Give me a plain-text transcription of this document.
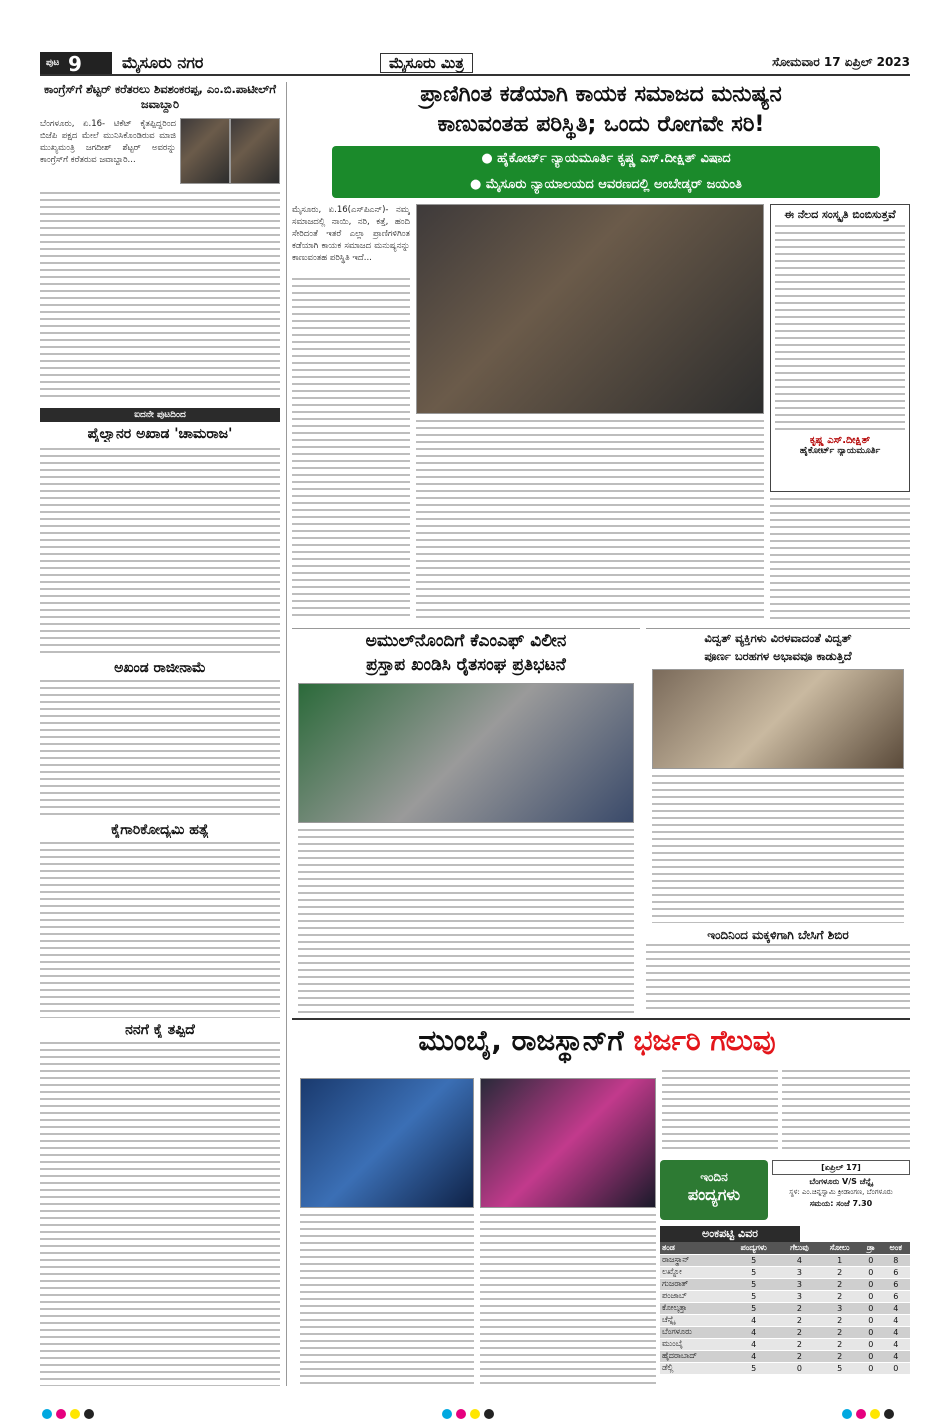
ಪುಟ 9	ಮೈಸೂರು ನಗರ	ಮೈಸೂರು ಮಿತ್ರ	ಸೋಮವಾರ 17 ಏಪ್ರಿಲ್ 2023
ಕಾಂಗ್ರೆಸ್‌ಗೆ ಶೆಟ್ಟರ್ ಕರೆತರಲು ಶಿವಶಂಕರಪ್ಪ, ಎಂ.ಬಿ.ಪಾಟೀಲ್‌ಗೆ ಜವಾಬ್ದಾರಿ
ಬೆಂಗಳೂರು, ಏ.16- ಟಿಕೆಟ್ ಕೈತಪ್ಪಿದ್ದರಿಂದ ಬಿಜೆಪಿ ಪಕ್ಷದ ಮೇಲೆ ಮುನಿಸಿಕೊಂಡಿರುವ ಮಾಜಿ ಮುಖ್ಯಮಂತ್ರಿ ಜಗದೀಶ್ ಶೆಟ್ಟರ್ ಅವರನ್ನು ಕಾಂಗ್ರೆಸ್‌ಗೆ ಕರೆತರುವ ಜವಾಬ್ದಾರಿ...
ಐದನೇ ಪುಟದಿಂದ
ಪೈಲ್ವಾನರ ಅಖಾಡ 'ಚಾಮರಾಜ'
ಅಖಂಡ ರಾಜೀನಾಮೆ
ಕೈಗಾರಿಕೋದ್ಯಮಿ ಹತ್ಯೆ
ನನಗೆ ಕೈ ತಪ್ಪಿದೆ
ಪ್ರಾಣಿಗಿಂತ ಕಡೆಯಾಗಿ ಕಾಯಕ ಸಮಾಜದ ಮನುಷ್ಯನ
ಕಾಣುವಂತಹ ಪರಿಸ್ಥಿತಿ; ಒಂದು ರೋಗವೇ ಸರಿ!
● ಹೈಕೋರ್ಟ್ ನ್ಯಾಯಮೂರ್ತಿ ಕೃಷ್ಣ ಎಸ್.ದೀಕ್ಷಿತ್ ವಿಷಾದ
● ಮೈಸೂರು ನ್ಯಾಯಾಲಯದ ಆವರಣದಲ್ಲಿ ಅಂಬೇಡ್ಕರ್ ಜಯಂತಿ
ಮೈಸೂರು, ಏ.16(ಎಸ್‌ಪಿಎನ್)- ನಮ್ಮ ಸಮಾಜದಲ್ಲಿ ನಾಯಿ, ನರಿ, ಕತ್ತೆ, ಹಂದಿ ಸೇರಿದಂತೆ ಇತರೆ ಎಲ್ಲಾ ಪ್ರಾಣಿಗಳಿಗಿಂತ ಕಡೆಯಾಗಿ ಕಾಯಕ ಸಮಾಜದ ಮನುಷ್ಯನನ್ನು ಕಾಣುವಂತಹ ಪರಿಸ್ಥಿತಿ ಇದೆ...
ಈ ನೆಲದ ಸಂಸ್ಕೃತಿ ಬಿಂಬಿಸುತ್ತವೆ
ಕೃಷ್ಣ ಎಸ್.ದೀಕ್ಷಿತ್
ಹೈಕೋರ್ಟ್ ನ್ಯಾಯಮೂರ್ತಿ
ಅಮುಲ್‌ನೊಂದಿಗೆ ಕೆಎಂಎಫ್ ವಿಲೀನ
ಪ್ರಸ್ತಾಪ ಖಂಡಿಸಿ ರೈತಸಂಘ ಪ್ರತಿಭಟನೆ
ವಿದ್ವತ್ ವ್ಯಕ್ತಿಗಳು ವಿರಳವಾದಂತೆ ವಿದ್ವತ್
ಪೂರ್ಣ ಬರಹಗಳ ಅಭಾವವೂ ಕಾಡುತ್ತಿದೆ
ಇಂದಿನಿಂದ ಮಕ್ಕಳಿಗಾಗಿ ಬೇಸಿಗೆ ಶಿಬಿರ
ಮುಂಬೈ, ರಾಜಸ್ಥಾನ್‌ಗೆ ಭರ್ಜರಿ ಗೆಲುವು
ಇಂದಿನ
ಪಂದ್ಯಗಳು
[ಏಪ್ರಿಲ್ 17]
ಬೆಂಗಳೂರು V/S ಚೆನ್ನೈ
ಸ್ಥಳ: ಎಂ.ಚಿನ್ನಸ್ವಾಮಿ ಕ್ರೀಡಾಂಗಣ, ಬೆಂಗಳೂರು
ಸಮಯ: ಸಂಜೆ 7.30
ಅಂಕಪಟ್ಟಿ ವಿವರ
ತಂಡ	ಪಂದ್ಯಗಳು	ಗೆಲುವು	ಸೋಲು	ಡ್ರಾ	ಅಂಕ
ರಾಜಸ್ಥಾನ್	5	4	1	0	8
ಲಖ್ನೋ	5	3	2	0	6
ಗುಜರಾತ್	5	3	2	0	6
ಪಂಜಾಬ್	5	3	2	0	6
ಕೋಲ್ಕತ್ತಾ	5	2	3	0	4
ಚೆನ್ನೈ	4	2	2	0	4
ಬೆಂಗಳೂರು	4	2	2	0	4
ಮುಂಬೈ	4	2	2	0	4
ಹೈದರಾಬಾದ್	4	2	2	0	4
ಡೆಲ್ಲಿ	5	0	5	0	0
